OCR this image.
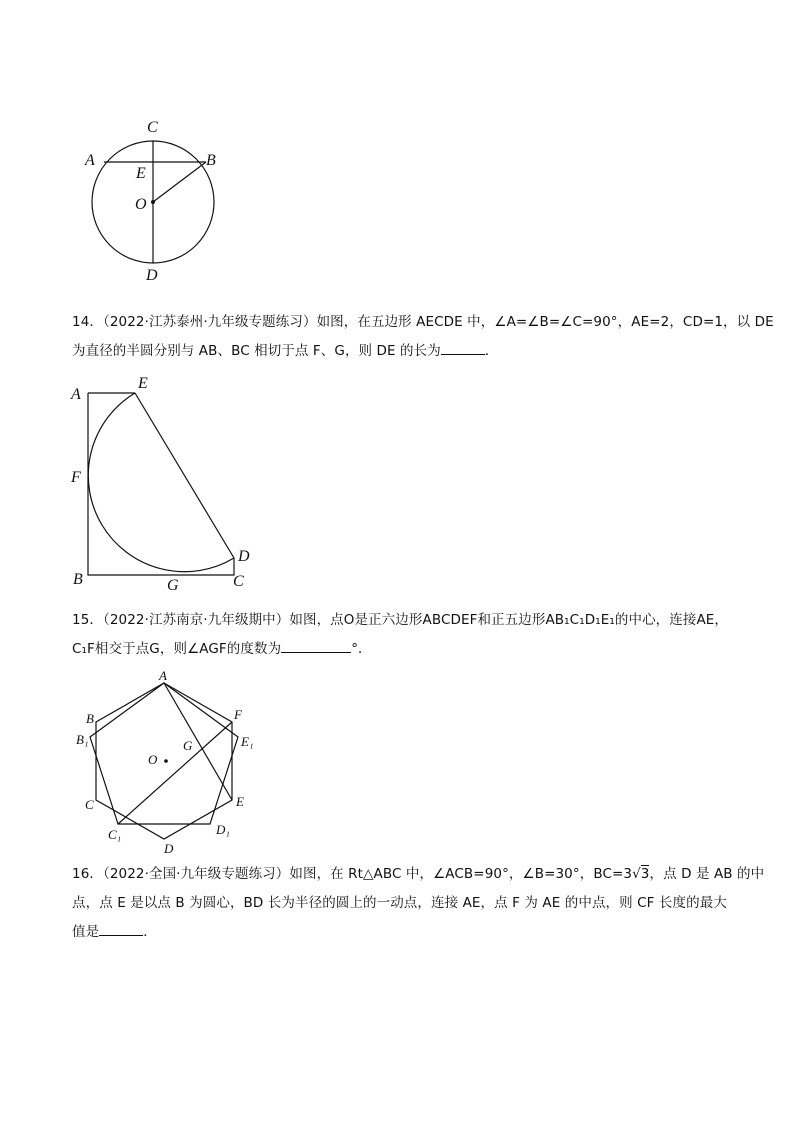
C
A	B
E
O
D
14．（2022·江苏泰州·九年级专题练习）如图，在五边形 AECDE 中，∠A=∠B=∠C=90°，AE=2，CD=1，以 DE
为直径的半圆分别与 AB、BC 相切于点 F、G，则 DE 的长为	．
A
E
F
D
B	G	C
15．（2022·江苏南京·九年级期中）如图，点O是正六边形ABCDEF和正五边形AB₁C₁D₁E₁的中心，连接AE，
C₁F相交于点G，则∠AGF的度数为	°．
A
B
B₁
F
E₁
O
G
C	E
C₁	D₁
D
16．（2022·全国·九年级专题练习）如图，在 Rt△ABC 中，∠ACB=90°，∠B=30°，BC=3√3，点 D 是 AB 的中
点，点 E 是以点 B 为圆心，BD 长为半径的圆上的一动点，连接 AE，点 F 为 AE 的中点，则 CF 长度的最大
值是	．
